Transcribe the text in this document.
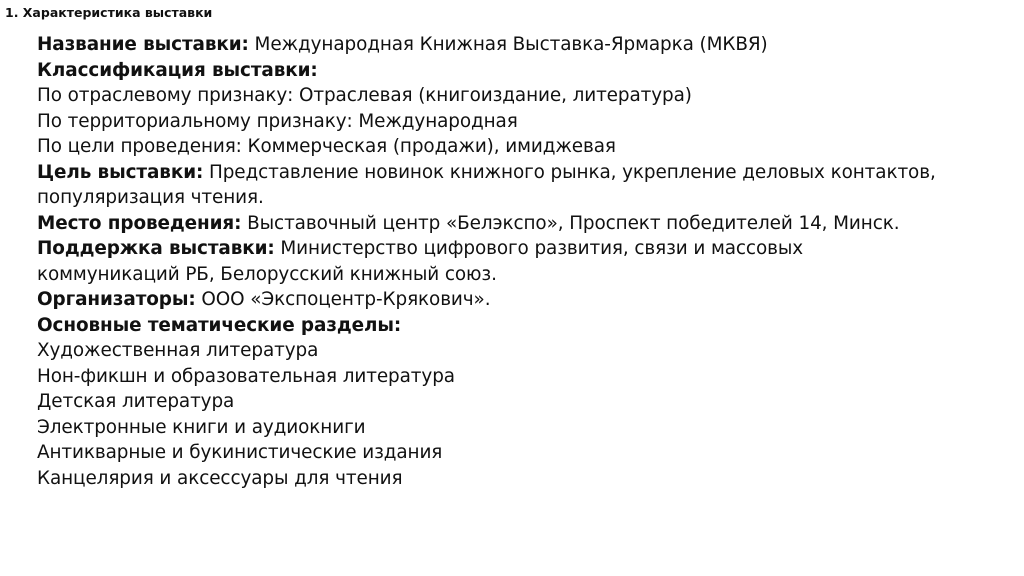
1. Характеристика выставки
Название выставки: Международная Книжная Выставка-Ярмарка (МКВЯ)
Классификация выставки:
По отраслевому признаку: Отраслевая (книгоиздание, литература)
По территориальному признаку: Международная
По цели проведения: Коммерческая (продажи), имиджевая
Цель выставки: Представление новинок книжного рынка, укрепление деловых контактов, популяризация чтения.
Место проведения: Выставочный центр «Белэкспо», Проспект победителей 14, Минск.
Поддержка выставки: Министерство цифрового развития, связи и массовых коммуникаций РБ, Белорусский книжный союз.
Организаторы: ООО «Экспоцентр-Крякович».
Основные тематические разделы:
Художественная литература
Нон-фикшн и образовательная литература
Детская литература
Электронные книги и аудиокниги
Антикварные и букинистические издания
Канцелярия и аксессуары для чтения
